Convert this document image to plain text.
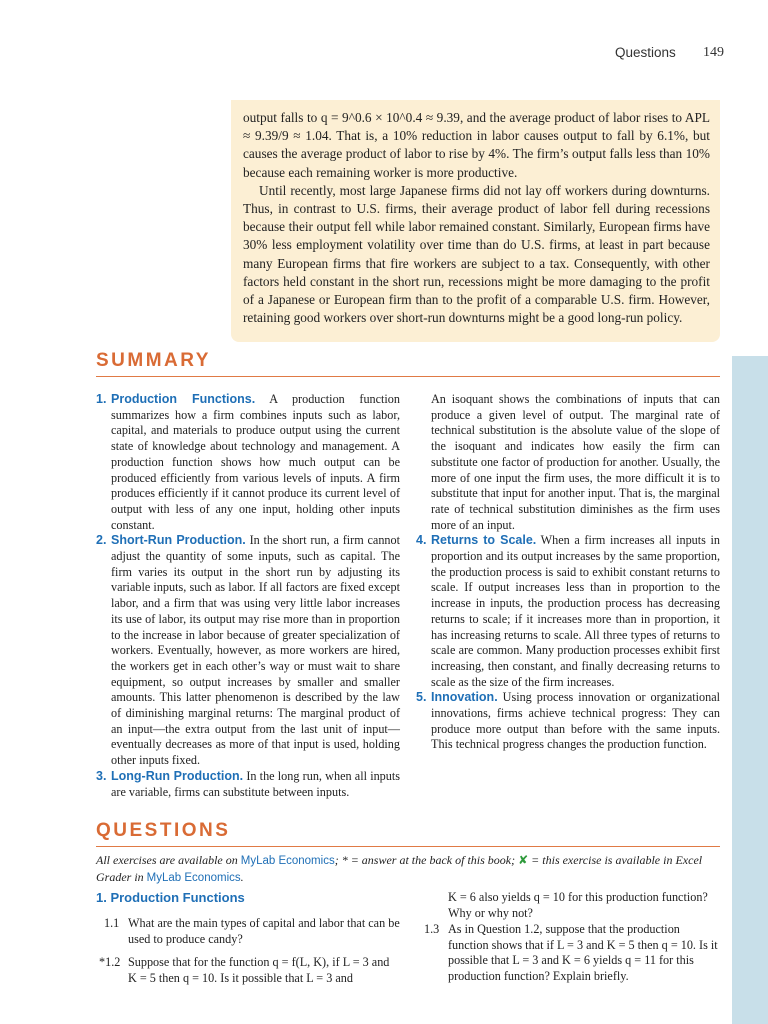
Questions 149

output falls to q = 9^0.6 × 10^0.4 ≈ 9.39, and the average product of labor rises to APL ≈ 9.39/9 ≈ 1.04. That is, a 10% reduction in labor causes output to fall by 6.1%, but causes the average product of labor to rise by 4%. The firm’s output falls less than 10% because each remaining worker is more productive.

Until recently, most large Japanese firms did not lay off workers during downturns. Thus, in contrast to U.S. firms, their average product of labor fell during recessions because their output fell while labor remained constant. Similarly, European firms have 30% less employment volatility over time than do U.S. firms, at least in part because many European firms that fire workers are subject to a tax. Consequently, with other factors held constant in the short run, recessions might be more damaging to the profit of a Japanese or European firm than to the profit of a comparable U.S. firm. However, retaining good workers over short-run downturns might be a good long-run policy.

SUMMARY
1. Production Functions. A production function summarizes how a firm combines inputs such as labor, capital, and materials to produce output using the current state of knowledge about technology and management. A production function shows how much output can be produced efficiently from various levels of inputs. A firm produces efficiently if it cannot produce its current level of output with less of any one input, holding other inputs constant.

2. Short-Run Production. In the short run, a firm cannot adjust the quantity of some inputs, such as capital. The firm varies its output in the short run by adjusting its variable inputs, such as labor. If all factors are fixed except labor, and a firm that was using very little labor increases its use of labor, its output may rise more than in proportion to the increase in labor because of greater specialization of workers. Eventually, however, as more workers are hired, the workers get in each other’s way or must wait to share equipment, so output increases by smaller and smaller amounts. This latter phenomenon is described by the law of diminishing marginal returns: The marginal product of an input—the extra output from the last unit of input—eventually decreases as more of that input is used, holding other inputs fixed.

3. Long-Run Production. In the long run, when all inputs are variable, firms can substitute between inputs.

An isoquant shows the combinations of inputs that can produce a given level of output. The marginal rate of technical substitution is the absolute value of the slope of the isoquant and indicates how easily the firm can substitute one factor of production for another. Usually, the more of one input the firm uses, the more difficult it is to substitute that input for another input. That is, the marginal rate of technical substitution diminishes as the firm uses more of an input.

4. Returns to Scale. When a firm increases all inputs in proportion and its output increases by the same proportion, the production process is said to exhibit constant returns to scale. If output increases less than in proportion to the increase in inputs, the production process has decreasing returns to scale; if it increases more than in proportion, it has increasing returns to scale. All three types of returns to scale are common. Many production processes exhibit first increasing, then constant, and finally decreasing returns to scale as the size of the firm increases.

5. Innovation. Using process innovation or organizational innovations, firms achieve technical progress: They can produce more output than before with the same inputs. This technical progress changes the production function.

QUESTIONS
All exercises are available on MyLab Economics; * = answer at the back of this book; ✘ = this exercise is available in Excel Grader in MyLab Economics.
1. Production Functions
1.1 What are the main types of capital and labor that can be used to produce candy?
*1.2 Suppose that for the function q = f(L, K), if L = 3 and K = 5 then q = 10. Is it possible that L = 3 and
K = 6 also yields q = 10 for this production function? Why or why not?
1.3 As in Question 1.2, suppose that the production function shows that if L = 3 and K = 5 then q = 10. Is it possible that L = 3 and K = 6 yields q = 11 for this production function? Explain briefly.
